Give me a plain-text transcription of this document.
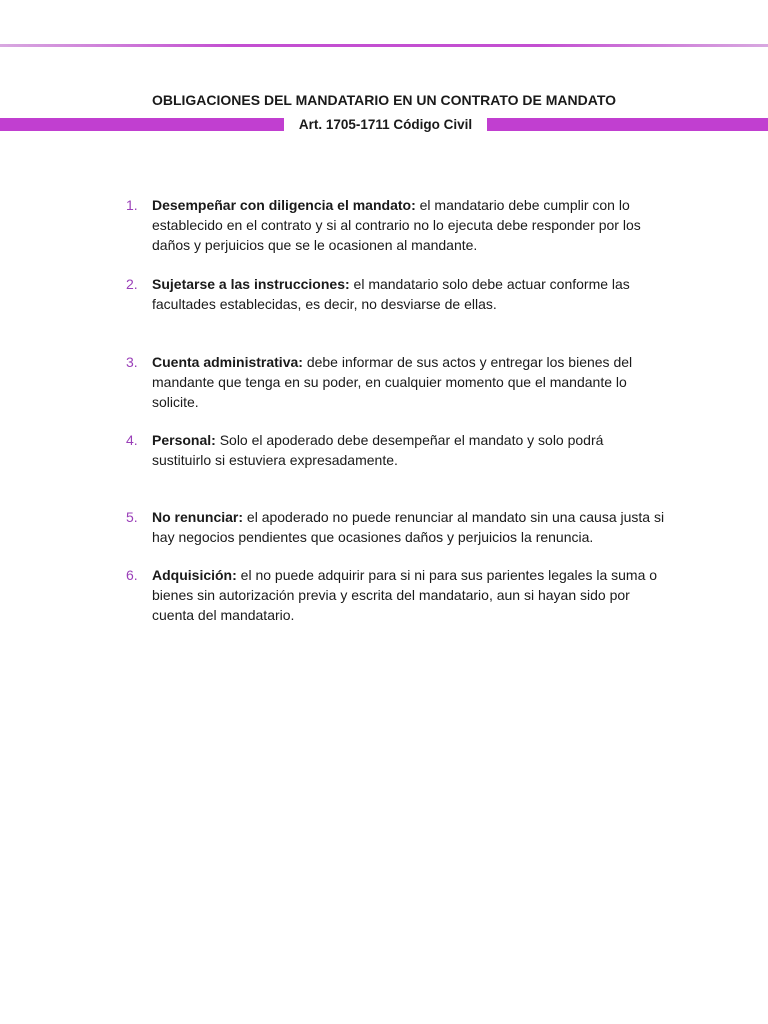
OBLIGACIONES DEL MANDATARIO EN UN CONTRATO DE MANDATO
Art. 1705-1711 Código Civil
1. Desempeñar con diligencia el mandato: el mandatario debe cumplir con lo establecido en el contrato y si al contrario no lo ejecuta debe responder por los daños y perjuicios que se le ocasionen al mandante.
2. Sujetarse a las instrucciones: el mandatario solo debe actuar conforme las facultades establecidas, es decir, no desviarse de ellas.
3. Cuenta administrativa: debe informar de sus actos y entregar los bienes del mandante que tenga en su poder, en cualquier momento que el mandante lo solicite.
4. Personal: Solo el apoderado debe desempeñar el mandato y solo podrá sustituirlo si estuviera expresadamente.
5. No renunciar: el apoderado no puede renunciar al mandato sin una causa justa si hay negocios pendientes que ocasiones daños y perjuicios la renuncia.
6. Adquisición: el no puede adquirir para si ni para sus parientes legales la suma o bienes sin autorización previa y escrita del mandatario, aun si hayan sido por cuenta del mandatario.
